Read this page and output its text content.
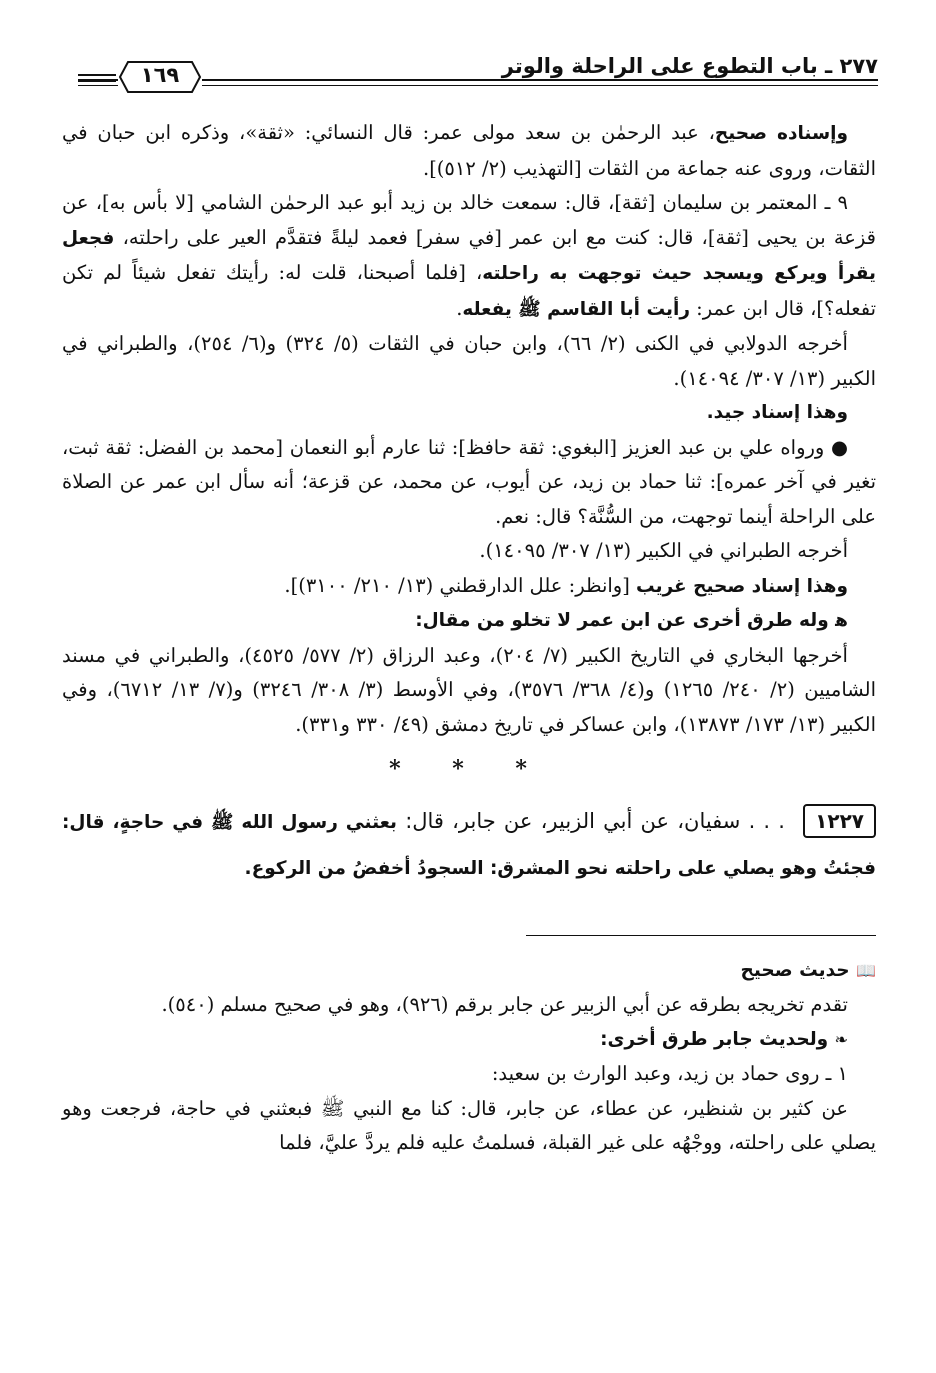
١٦٩	٢٧٧ ـ باب التطوع على الراحلة والوتر

وإسناده صحيح، عبد الرحمٰن بن سعد مولى عمر: قال النسائي: «ثقة»، وذكره ابن حبان في الثقات، وروى عنه جماعة من الثقات [التهذيب (٢/ ٥١٢)].

٩ ـ المعتمر بن سليمان [ثقة]، قال: سمعت خالد بن زيد أبو عبد الرحمٰن الشامي [لا بأس به]، عن قزعة بن يحيى [ثقة]، قال: كنت مع ابن عمر [في سفر] فعمد ليلةً فتقدَّم العير على راحلته، فجعل يقرأ ويركع ويسجد حيث توجهت به راحلته، [فلما أصبحنا، قلت له: رأيتك تفعل شيئاً لم تكن تفعله؟]، قال ابن عمر: رأيت أبا القاسم ﷺ يفعله.

أخرجه الدولابي في الكنى (٢/ ٦٦)، وابن حبان في الثقات (٥/ ٣٢٤) و(٦/ ٢٥٤)، والطبراني في الكبير (١٣/ ٣٠٧/ ١٤٠٩٤).

وهذا إسناد جيد.

● ورواه علي بن عبد العزيز [البغوي: ثقة حافظ]: ثنا عارم أبو النعمان [محمد بن الفضل: ثقة ثبت، تغير في آخر عمره]: ثنا حماد بن زيد، عن أيوب، عن محمد، عن قزعة؛ أنه سأل ابن عمر عن الصلاة على الراحلة أينما توجهت، من السُّنَّة؟ قال: نعم.

أخرجه الطبراني في الكبير (١٣/ ٣٠٧/ ١٤٠٩٥).

وهذا إسناد صحيح غريب [وانظر: علل الدارقطني (١٣/ ٢١٠/ ٣١٠٠)].

ﻫ وله طرق أخرى عن ابن عمر لا تخلو من مقال:

أخرجها البخاري في التاريخ الكبير (٧/ ٢٠٤)، وعبد الرزاق (٢/ ٥٧٧/ ٤٥٢٥)، والطبراني في مسند الشاميين (٢/ ٢٤٠/ ١٢٦٥) و(٤/ ٣٦٨/ ٣٥٧٦)، وفي الأوسط (٣/ ٣٠٨/ ٣٢٤٦) و(٧/ ١٣/ ٦٧١٢)، وفي الكبير (١٣/ ١٧٣/ ١٣٨٧٣)، وابن عساكر في تاريخ دمشق (٤٩/ ٣٣٠ و٣٣١).

* * *

١٢٢٧ . . . سفيان، عن أبي الزبير، عن جابر، قال: بعثني رسول الله ﷺ في حاجةٍ، قال: فجئتُ وهو يصلي على راحلته نحو المشرق: السجودُ أخفضُ من الركوع.

📖 حديث صحيح

تقدم تخريجه بطرقه عن أبي الزبير عن جابر برقم (٩٢٦)، وهو في صحيح مسلم (٥٤٠).

❧ ولحديث جابر طرق أخرى:

١ ـ روى حماد بن زيد، وعبد الوارث بن سعيد:

عن كثير بن شنظير، عن عطاء، عن جابر، قال: كنا مع النبي ﷺ فبعثني في حاجة، فرجعت وهو يصلي على راحلته، ووجْهُه على غير القبلة، فسلمتُ عليه فلم يردَّ عليَّ، فلما
